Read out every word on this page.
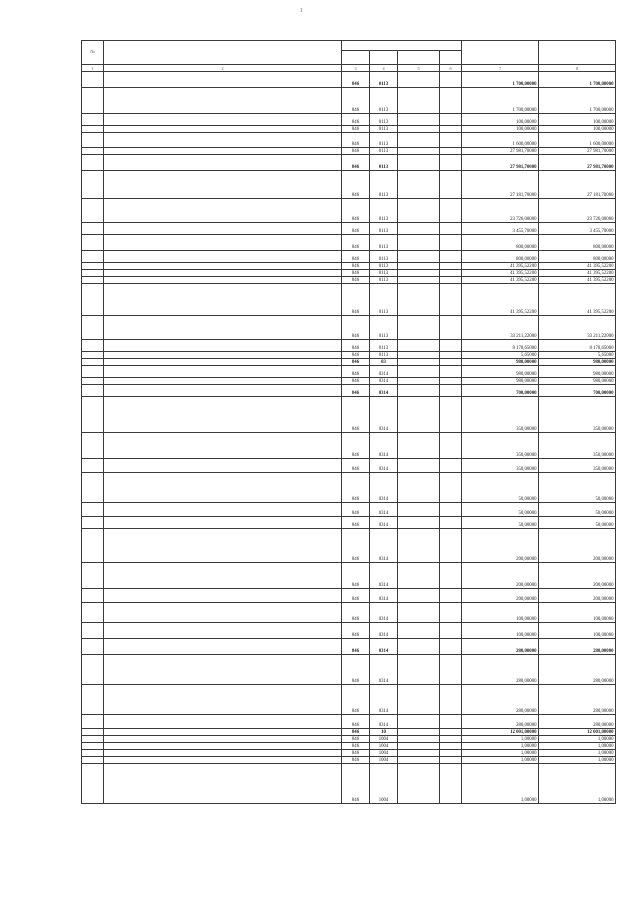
1
№							

1	2	3	4	5	6	7	8
		846	0113			1 700,00000	1 700,00000
		846	0113			1 700,00000	1 700,00000
		846	0113			100,00000	100,00000
		846	0113			100,00000	100,00000
		846	0113			1 600,00000	1 600,00000
		846	0113			27 981,70000	27 981,70000
		846	0113			27 981,70000	27 981,70000
		846	0113			27 181,70000	27 181,70000
		846	0113			23 726,00000	23 726,00000
		846	0113			3 455,70000	3 455,70000
		846	0113			800,00000	800,00000
		846	0113			800,00000	800,00000
		846	0113			41 395,52200	41 395,52200
		846	0113			41 395,52200	41 395,52200
		846	0113			41 395,52200	41 395,52200
		846	0113			41 395,52200	41 395,52200
		846	0113			33 211,22000	33 211,22000
		846	0113			8 178,65000	8 178,65000
		846	0113			5,65000	5,65000
		846	03			980,00000	980,00000
		846	0314			980,00000	980,00000
		846	0314			980,00000	980,00000
		846	0314			700,00000	700,00000
		846	0314			350,00000	350,00000
		846	0314			350,00000	350,00000
		846	0314			350,00000	350,00000
		846	0314			50,00000	50,00000
		846	0314			50,00000	50,00000
		846	0314			50,00000	50,00000
		846	0314			200,00000	200,00000
		846	0314			200,00000	200,00000
		846	0314			200,00000	200,00000
		846	0314			100,00000	100,00000
		846	0314			100,00000	100,00000
		846	0314			280,00000	280,00000
		846	0314			280,00000	280,00000
		846	0314			280,00000	280,00000
		846	0314			280,00000	280,00000
		846	10			12 001,00000	12 001,00000
		846	1004			1,00000	1,00000
		846	1004			1,00000	1,00000
		846	1004			1,00000	1,00000
		846	1004			1,00000	1,00000
		846	1004			1,00000	1,00000
